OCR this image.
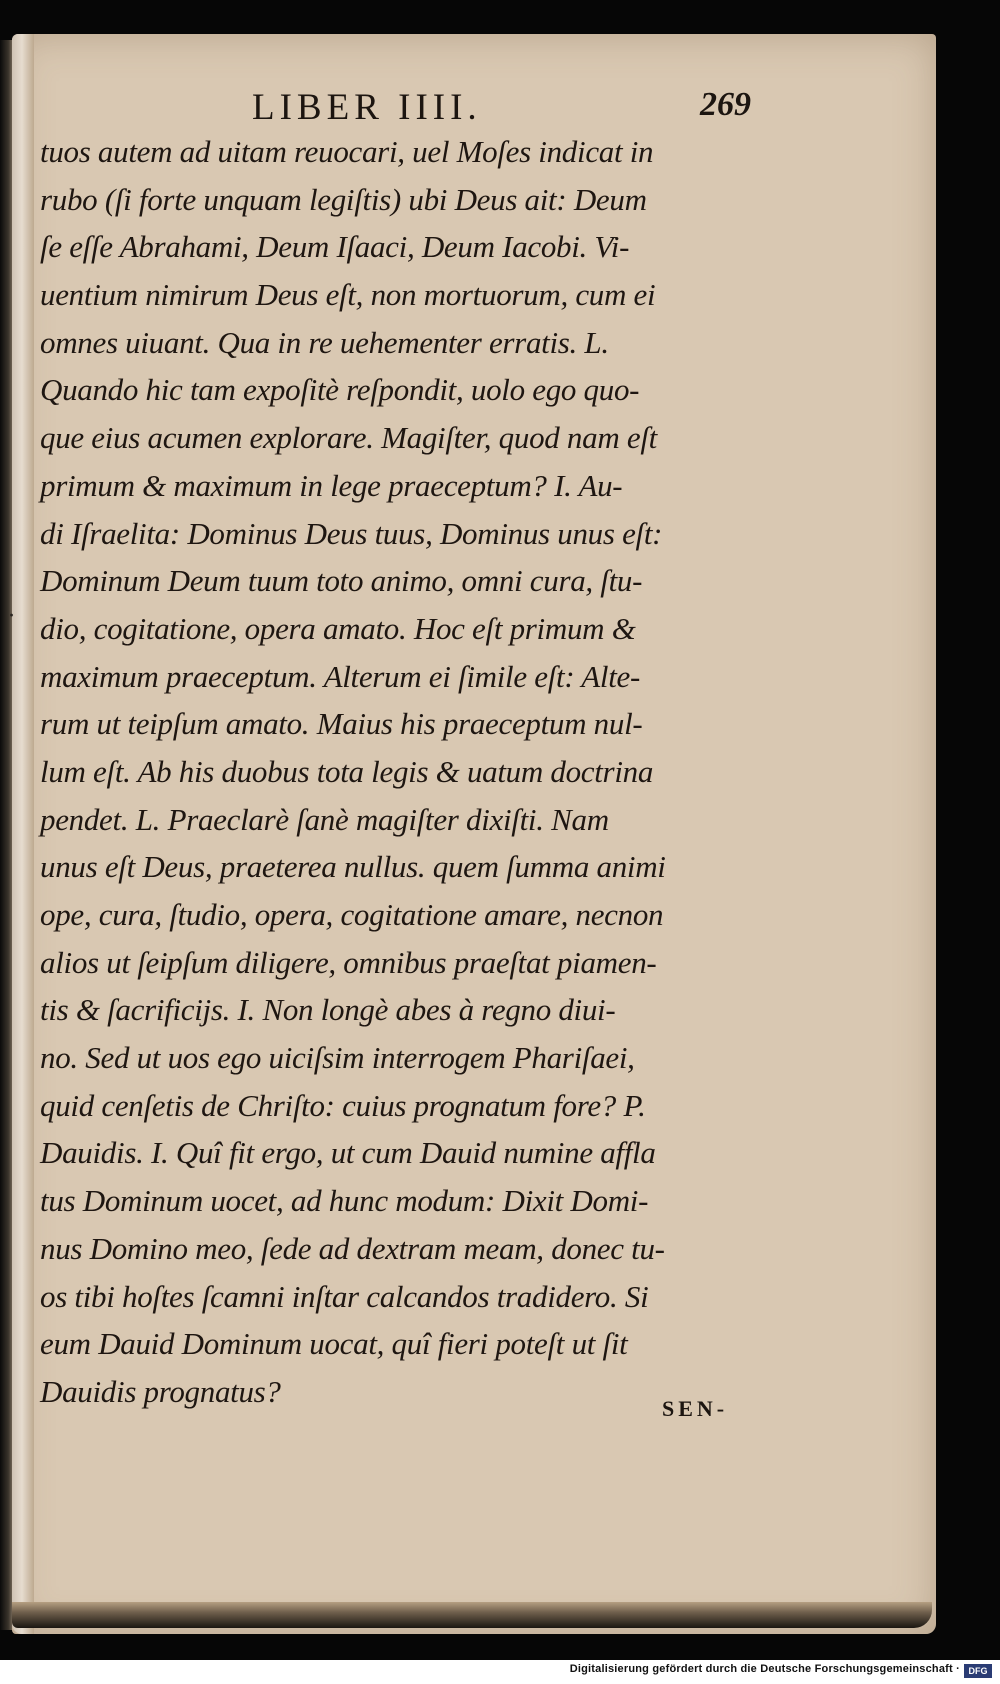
LIBER IIII.	269
·
tuos autem ad uitam reuocari, uel Moſes indicat in
rubo (ſi forte unquam legiſtis) ubi Deus ait: Deum
ſe eſſe Abrahami, Deum Iſaaci, Deum Iacobi. Vi-
uentium nimirum Deus eſt, non mortuorum, cum ei
omnes uiuant. Qua in re uehementer erratis. L.
Quando hic tam expoſitè reſpondit, uolo ego quo-
que eius acumen explorare. Magiſter, quod nam eſt
primum & maximum in lege praeceptum? I. Au-
di Iſraelita: Dominus Deus tuus, Dominus unus eſt:
Dominum Deum tuum toto animo, omni cura, ſtu-
dio, cogitatione, opera amato. Hoc eſt primum &
maximum praeceptum. Alterum ei ſimile eſt: Alte-
rum ut teipſum amato. Maius his praeceptum nul-
lum eſt. Ab his duobus tota legis & uatum doctrina
pendet. L. Praeclarè ſanè magiſter dixiſti. Nam
unus eſt Deus, praeterea nullus. quem ſumma animi
ope, cura, ſtudio, opera, cogitatione amare, necnon
alios ut ſeipſum diligere, omnibus praeſtat piamen-
tis & ſacrificijs. I. Non longè abes à regno diui-
no. Sed ut uos ego uiciſsim interrogem Phariſaei,
quid cenſetis de Chriſto: cuius prognatum fore? P.
Dauidis. I. Quî fit ergo, ut cum Dauid numine affla
tus Dominum uocet, ad hunc modum: Dixit Domi-
nus Domino meo, ſede ad dextram meam, donec tu-
os tibi hoſtes ſcamni inſtar calcandos tradidero. Si
eum Dauid Dominum uocat, quî fieri poteſt ut ſit
Dauidis prognatus?	SEN-
Digitalisierung gefördert durch die Deutsche Forschungsgemeinschaft · DFG
